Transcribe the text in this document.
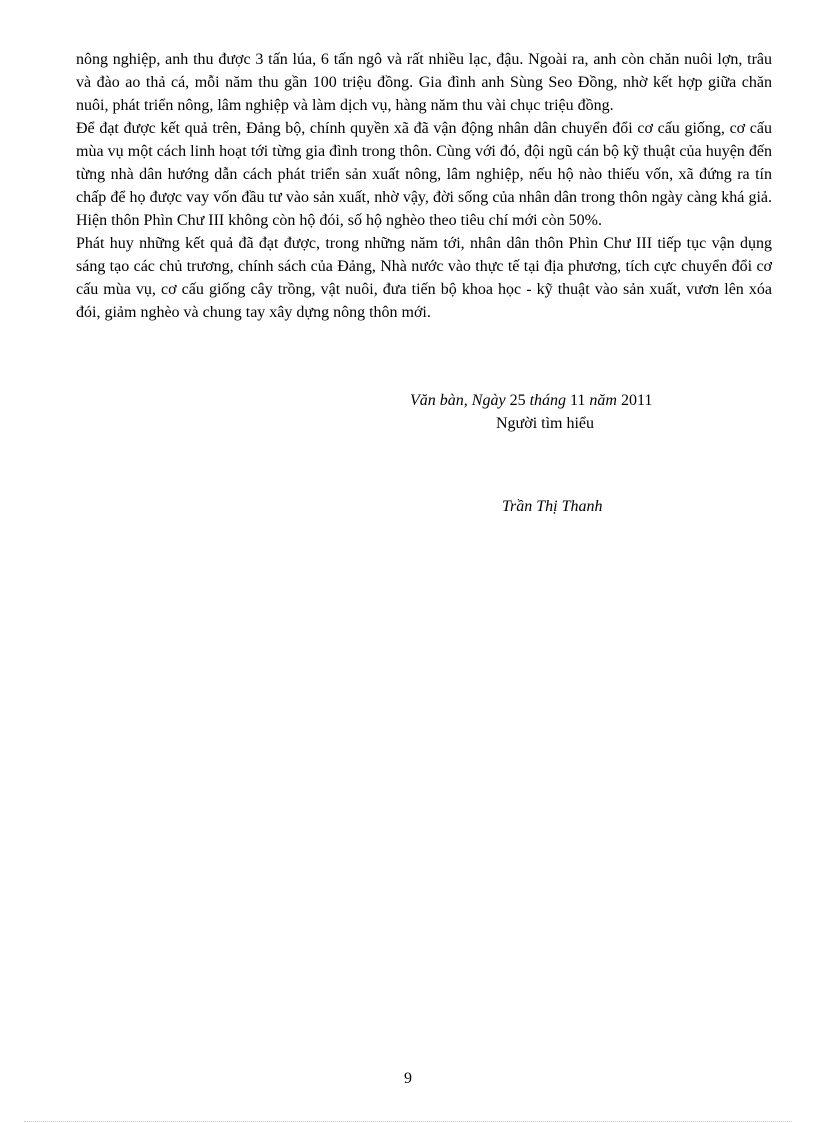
nông nghiệp, anh thu được 3 tấn lúa, 6 tấn ngô và rất nhiều lạc, đậu. Ngoài ra, anh còn chăn nuôi lợn, trâu và đào ao thả cá, mỗi năm thu gần 100 triệu đồng. Gia đình anh Sùng Seo Đồng, nhờ kết hợp giữa chăn nuôi, phát triển nông, lâm nghiệp và làm dịch vụ, hàng năm thu vài chục triệu đồng.

Để đạt được kết quả trên, Đảng bộ, chính quyền xã đã vận động nhân dân chuyển đổi cơ cấu giống, cơ cấu mùa vụ một cách linh hoạt tới từng gia đình trong thôn. Cùng với đó, đội ngũ cán bộ kỹ thuật của huyện đến từng nhà dân hướng dẫn cách phát triển sản xuất nông, lâm nghiệp, nếu hộ nào thiếu vốn, xã đứng ra tín chấp để họ được vay vốn đầu tư vào sản xuất, nhờ vậy, đời sống của nhân dân trong thôn ngày càng khá giả. Hiện thôn Phìn Chư III không còn hộ đói, số hộ nghèo theo tiêu chí mới còn 50%.

Phát huy những kết quả đã đạt được, trong những năm tới, nhân dân thôn Phìn Chư III tiếp tục vận dụng sáng tạo các chủ trương, chính sách của Đảng, Nhà nước vào thực tế tại địa phương, tích cực chuyển đổi cơ cấu mùa vụ, cơ cấu giống cây trồng, vật nuôi, đưa tiến bộ khoa học - kỹ thuật vào sản xuất, vươn lên xóa đói, giảm nghèo và chung tay xây dựng nông thôn mới.

Văn bàn, Ngày 25 tháng 11 năm 2011
Người tìm hiểu
Trần Thị Thanh
9
